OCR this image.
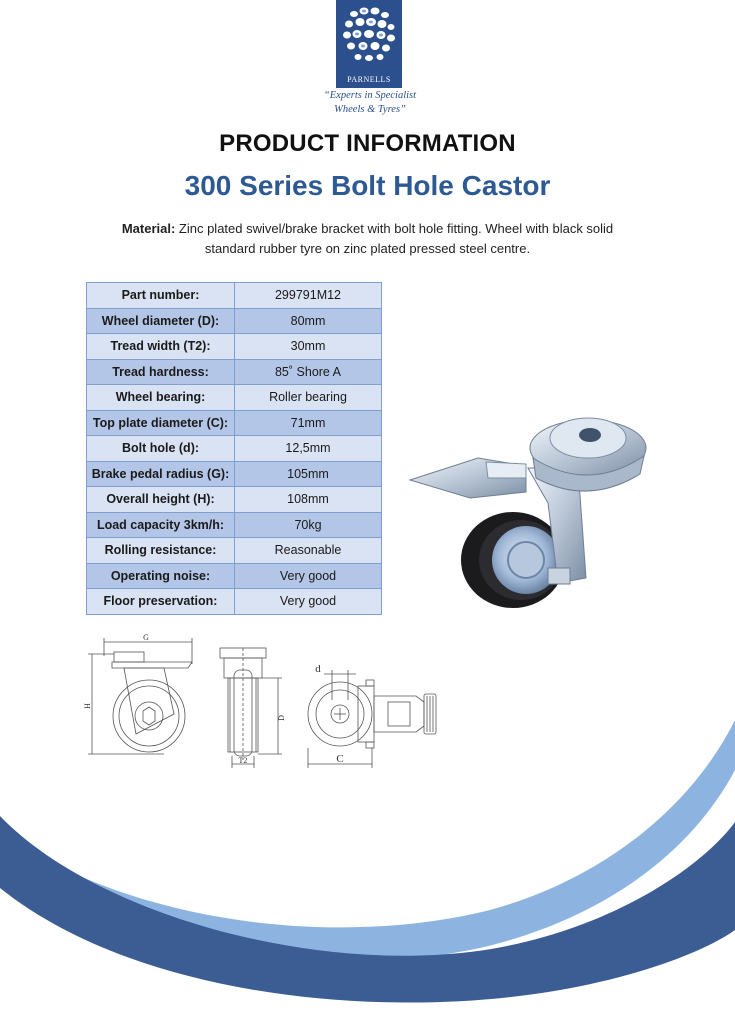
PARNELLS
“Experts in Specialist
Wheels & Tyres”
PRODUCT INFORMATION
300 Series Bolt Hole Castor
Material: Zinc plated swivel/brake bracket with bolt hole fitting. Wheel with black solid standard rubber tyre on zinc plated pressed steel centre.
Part number:	299791M12
Wheel diameter (D):	80mm
Tread width (T2):	30mm
Tread hardness:	85˚ Shore A
Wheel bearing:	Roller bearing
Top plate diameter (C):	71mm
Bolt hole (d):	12,5mm
Brake pedal radius (G):	105mm
Overall height (H):	108mm
Load capacity 3km/h:	70kg
Rolling resistance:	Reasonable
Operating noise:	Very good
Floor preservation:	Very good
G
H
D
T2
d
C
